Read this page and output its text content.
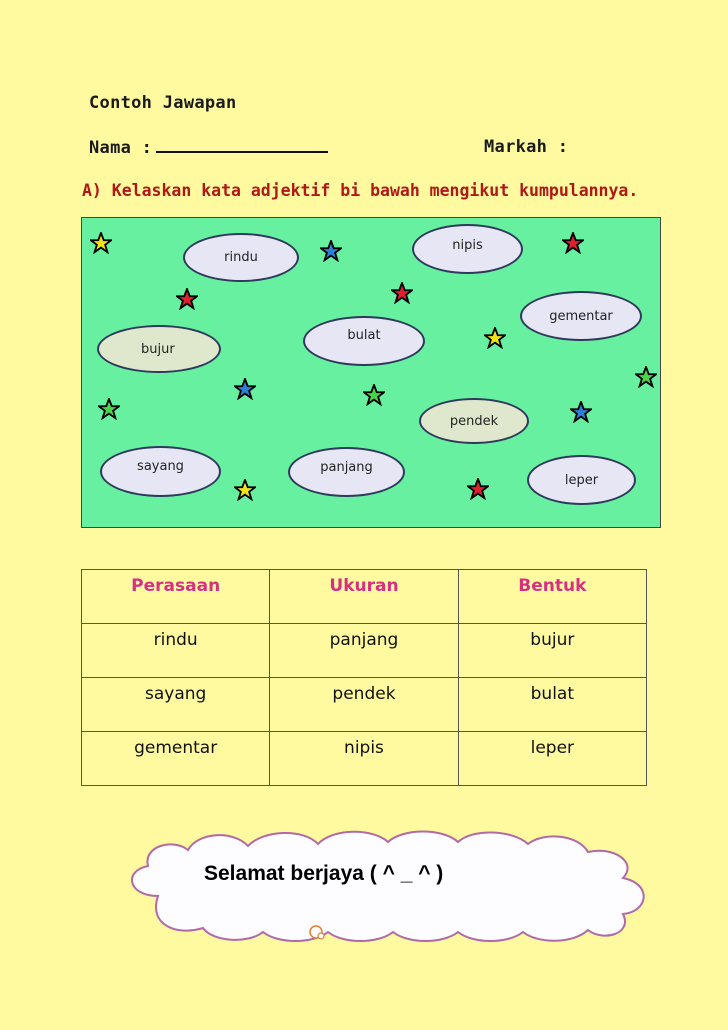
Contoh Jawapan
Nama :	Markah :
A) Kelaskan kata adjektif bi bawah mengikut kumpulannya.
rindu
nipis
gementar
bujur
bulat
pendek
sayang	panjang
leper
Perasaan	Ukuran	Bentuk
rindu	panjang	bujur
sayang	pendek	bulat
gementar	nipis	leper
Selamat berjaya ( ^ _ ^ )
